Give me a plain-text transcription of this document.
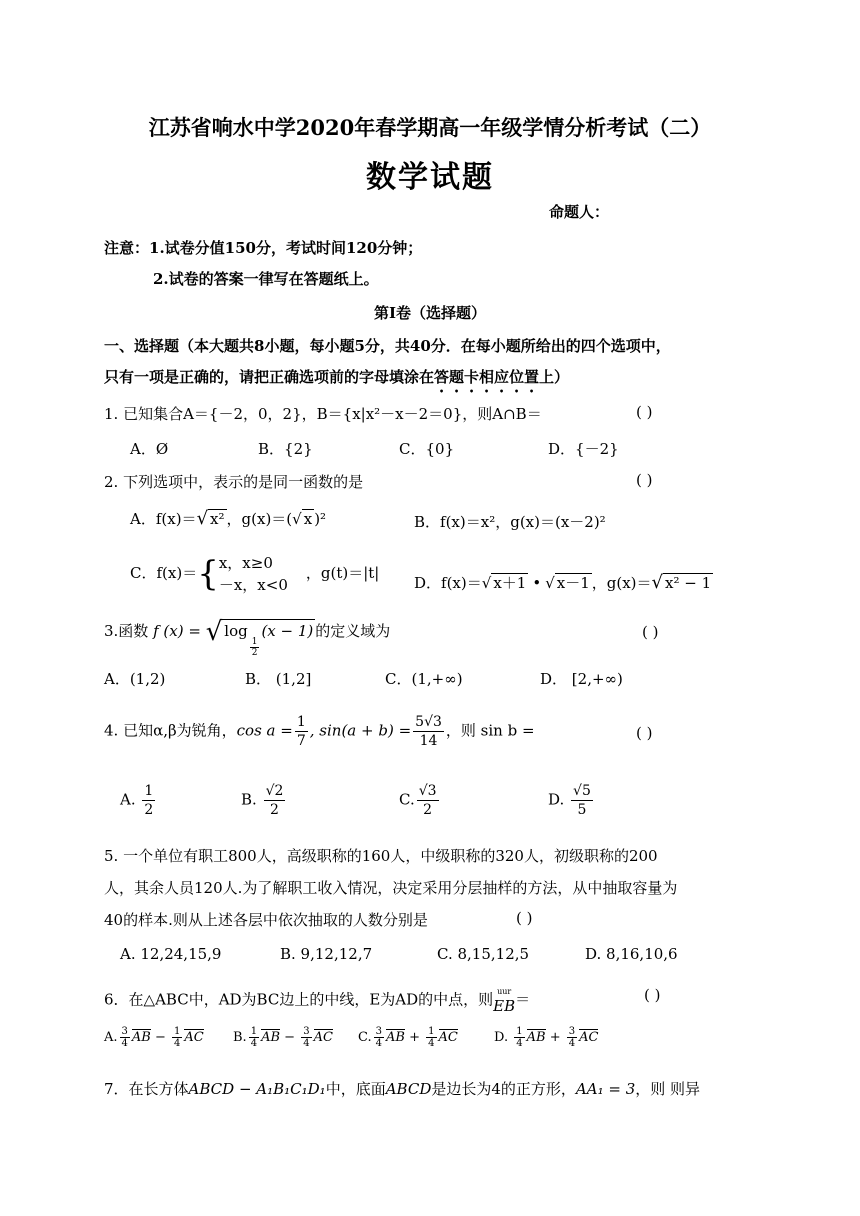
江苏省响水中学2020年春学期高一年级学情分析考试（二）
数学试题
命题人：
注意：1.试卷分值150分，考试时间120分钟；
2.试卷的答案一律写在答题纸上。
第Ⅰ卷（选择题）
一、选择题（本大题共8小题，每小题5分，共40分．在每小题所给出的四个选项中，
只有一项是正确的，请把正确选项前的字母填涂在答题卡相应位置上）
1. 已知集合A＝{－2，0，2}，B＝{x|x²－x－2＝0}，则A∩B＝	( )
A．Ø	B．{2}	C．{0}	D．{－2}
2. 下列选项中，表示的是同一函数的是	( )
A．f(x)＝√ x² ，g(x)＝(√ x )²	B．f(x)＝x²，g(x)＝(x－2)²
C．f(x)＝{ x，x≥0
－x，x<0
，g(t)＝|t|
D．f(x)＝√ x＋1 • √ x－1 ，g(x)＝√ x² − 1
3.函数 f (x) = √ log
$\frac{1}{2}$
(x − 1) 的定义域为	( )
A．(1,2)	B． (1,2]	C．(1,+∞)	D． [2,+∞)
4. 已知α,β为锐角，$\cos a = \frac{1}{7}$ , $\sin(a + b) = \frac{5√3}{14}$ ，则 sin b =	( )
A. $\frac{1}{2}$	B. $\frac{√2}{2}$	C. $\frac{√3}{2}$	D. $\frac{√5}{5}$
5. 一个单位有职工800人，高级职称的160人，中级职称的320人，初级职称的200
人，其余人员120人.为了解职工收入情况，决定采用分层抽样的方法，从中抽取容量为
40的样本.则从上述各层中依次抽取的人数分别是	( )
A. 12,24,15,9	B. 9,12,12,7	C. 8,15,12,5	D. 8,16,10,6
6．在△ABC中，AD为BC边上的中线，E为AD的中点，则 uur
EB ＝	( )
A. $\frac{3}{4}$ AB − $\frac{1}{4}$ AC B. $\frac{1}{4}$ AB − $\frac{3}{4}$ AC C. $\frac{3}{4}$ AB + $\frac{1}{4}$ AC	D. $\frac{1}{4}$ AB + $\frac{3}{4}$ AC
7．在长方体ABCD − A₁B₁C₁D₁中，底面ABCD是边长为4的正方形，AA₁ = 3，则 则异
